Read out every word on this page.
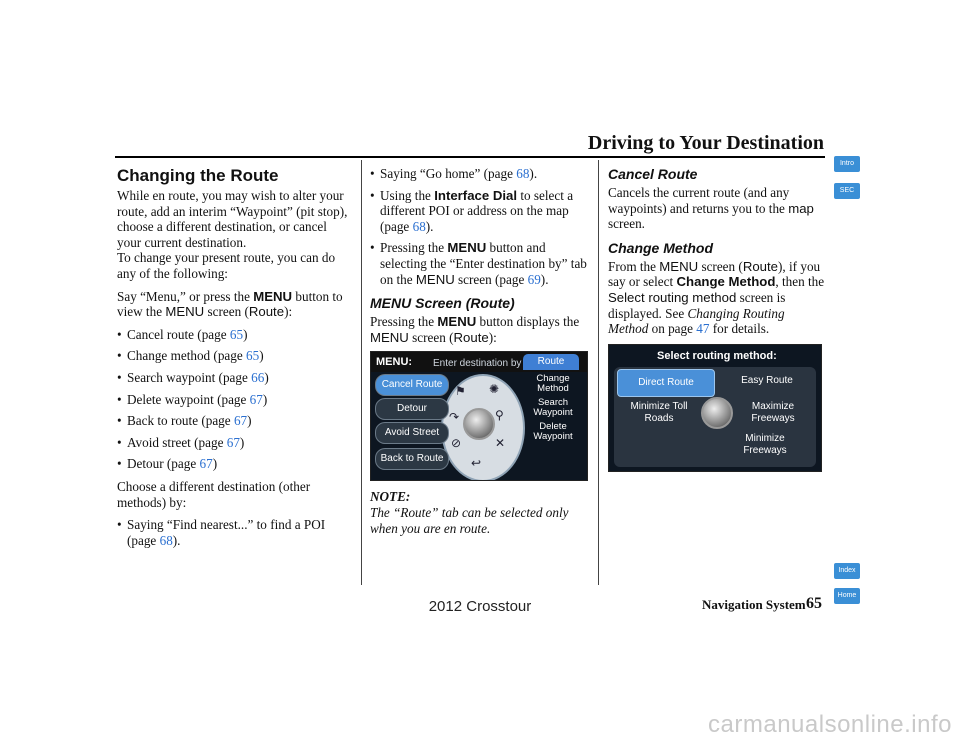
Driving to Your Destination
Changing the Route

While en route, you may wish to alter your route, add an interim “Waypoint” (pit stop), choose a different destination, or cancel your current destination.
To change your present route, you can do any of the following:

Say “Menu,” or press the MENU button to view the MENU screen (Route):

• Cancel route (page 65)
• Change method (page 65)
• Search waypoint (page 66)
• Delete waypoint (page 67)
• Back to route (page 67)
• Avoid street (page 67)
• Detour (page 67)

Choose a different destination (other methods) by:

• Saying “Find nearest...” to find a POI (page 68).
• Saying “Go home” (page 68).
• Using the Interface Dial to select a different POI or address on the map (page 68).
• Pressing the MENU button and selecting the “Enter destination by” tab on the MENU screen (page 69).
MENU Screen (Route)

Pressing the MENU button displays the MENU screen (Route):

MENU: Enter destination by	Route
⚑ ✺
↷	⚲
⊘	✕
↩
Cancel Route
Detour
Avoid Street
Back to Route
Change Method
Search Waypoint
Delete Waypoint

NOTE:
The “Route” tab can be selected only when you are en route.

Cancel Route

Cancels the current route (and any waypoints) and returns you to the map screen.

Change Method

From the MENU screen (Route), if you say or select Change Method, then the Select routing method screen is displayed. See Changing Routing Method on page 47 for details.

Select routing method:
Direct Route	Easy Route
Minimize Toll Roads
Maximize Freeways
Minimize Freeways
Intro
SEC
Index
Home
Navigation System 65
2012 Crosstour
carmanualsonline.info
